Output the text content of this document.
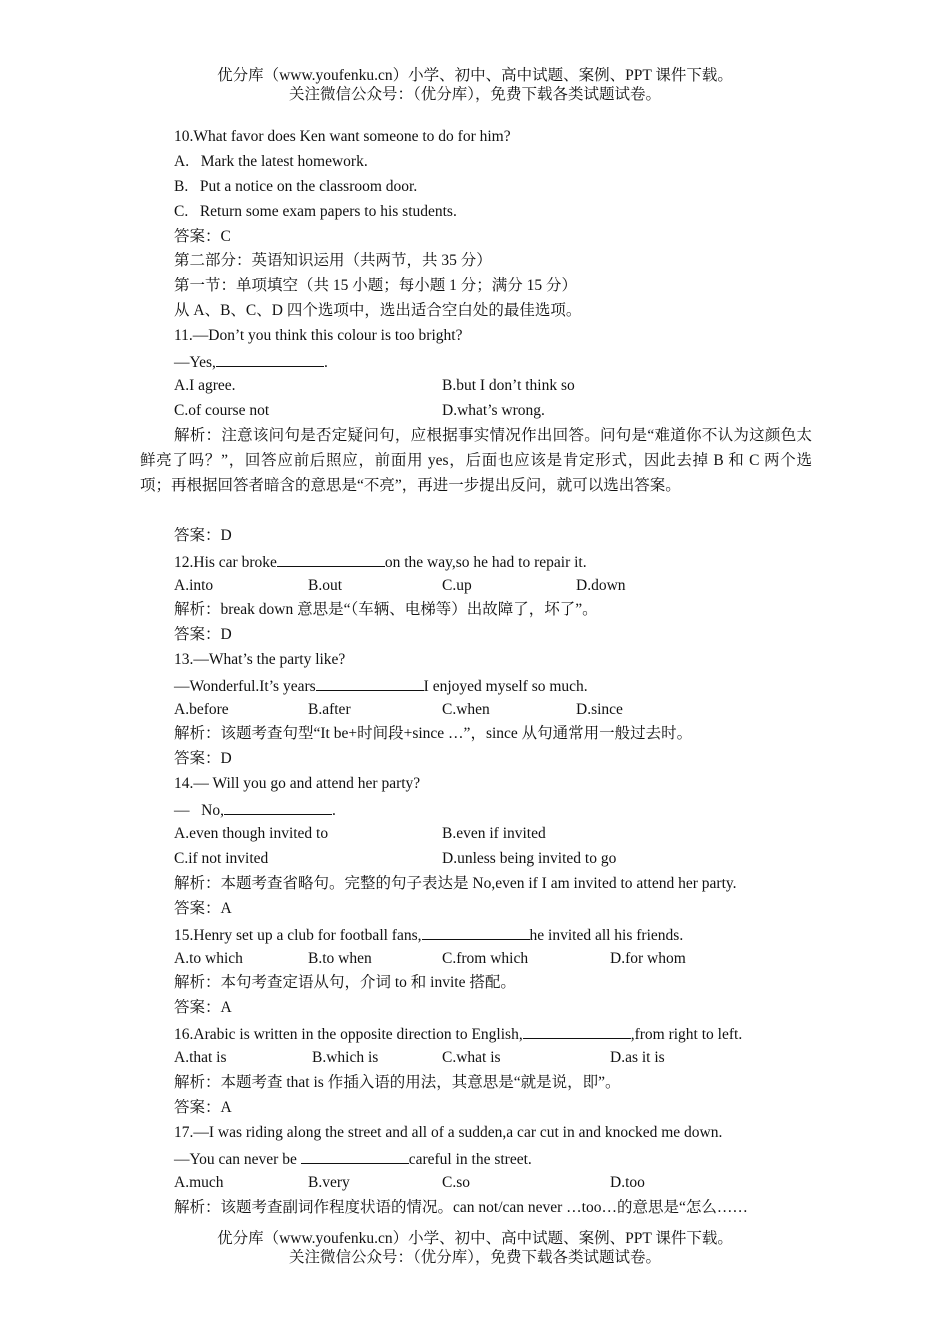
优分库（www.youfenku.cn）小学、初中、高中试题、案例、PPT 课件下载。
关注微信公众号：（优分库），免费下载各类试题试卷。
10.What favor does Ken want someone to do for him?
A.   Mark the latest homework.
B.   Put a notice on the classroom door.
C.   Return some exam papers to his students.
答案：C
第二部分：英语知识运用（共两节，共 35 分）
第一节：单项填空（共 15 小题；每小题 1 分；满分 15 分）
从 A、B、C、D 四个选项中，选出适合空白处的最佳选项。
11.—Don’t you think this colour is too bright?
—Yes,	.
A.I agree.	B.but I don’t think so
C.of course not	D.what’s wrong.
解析：注意该问句是否定疑问句，应根据事实情况作出回答。问句是“难道你不认为这颜色太鲜亮了吗？”，回答应前后照应，前面用 yes，后面也应该是肯定形式，因此去掉 B 和 C 两个选项；再根据回答者暗含的意思是“不亮”，再进一步提出反问，就可以选出答案。
答案：D
12.His car broke	on the way,so he had to repair it.
A.into	B.out	C.up	D.down
解析：break down 意思是“（车辆、电梯等）出故障了，坏了”。
答案：D
13.—What’s the party like?
—Wonderful.It’s years	I enjoyed myself so much.
A.before	B.after	C.when	D.since
解析：该题考查句型“It be+时间段+since …”，since 从句通常用一般过去时。
答案：D
14.— Will you go and attend her party?
—   No,	.
A.even though invited to	B.even if invited
C.if not invited	D.unless being invited to go
解析：本题考查省略句。完整的句子表达是 No,even if I am invited to attend her party.
答案：A
15.Henry set up a club for football fans,	he invited all his friends.
A.to which	B.to when	C.from which	D.for whom
解析：本句考查定语从句，介词 to 和 invite 搭配。
答案：A
16.Arabic is written in the opposite direction to English,	,from right to left.
A.that is	B.which is	C.what is	D.as it is
解析：本题考查 that is 作插入语的用法，其意思是“就是说，即”。
答案：A
17.—I was riding along the street and all of a sudden,a car cut in and knocked me down.
—You can never be	careful in the street.
A.much	B.very	C.so	D.too
解析：该题考查副词作程度状语的情况。can not/can never …too…的意思是“怎么……
优分库（www.youfenku.cn）小学、初中、高中试题、案例、PPT 课件下载。
关注微信公众号：（优分库），免费下载各类试题试卷。
